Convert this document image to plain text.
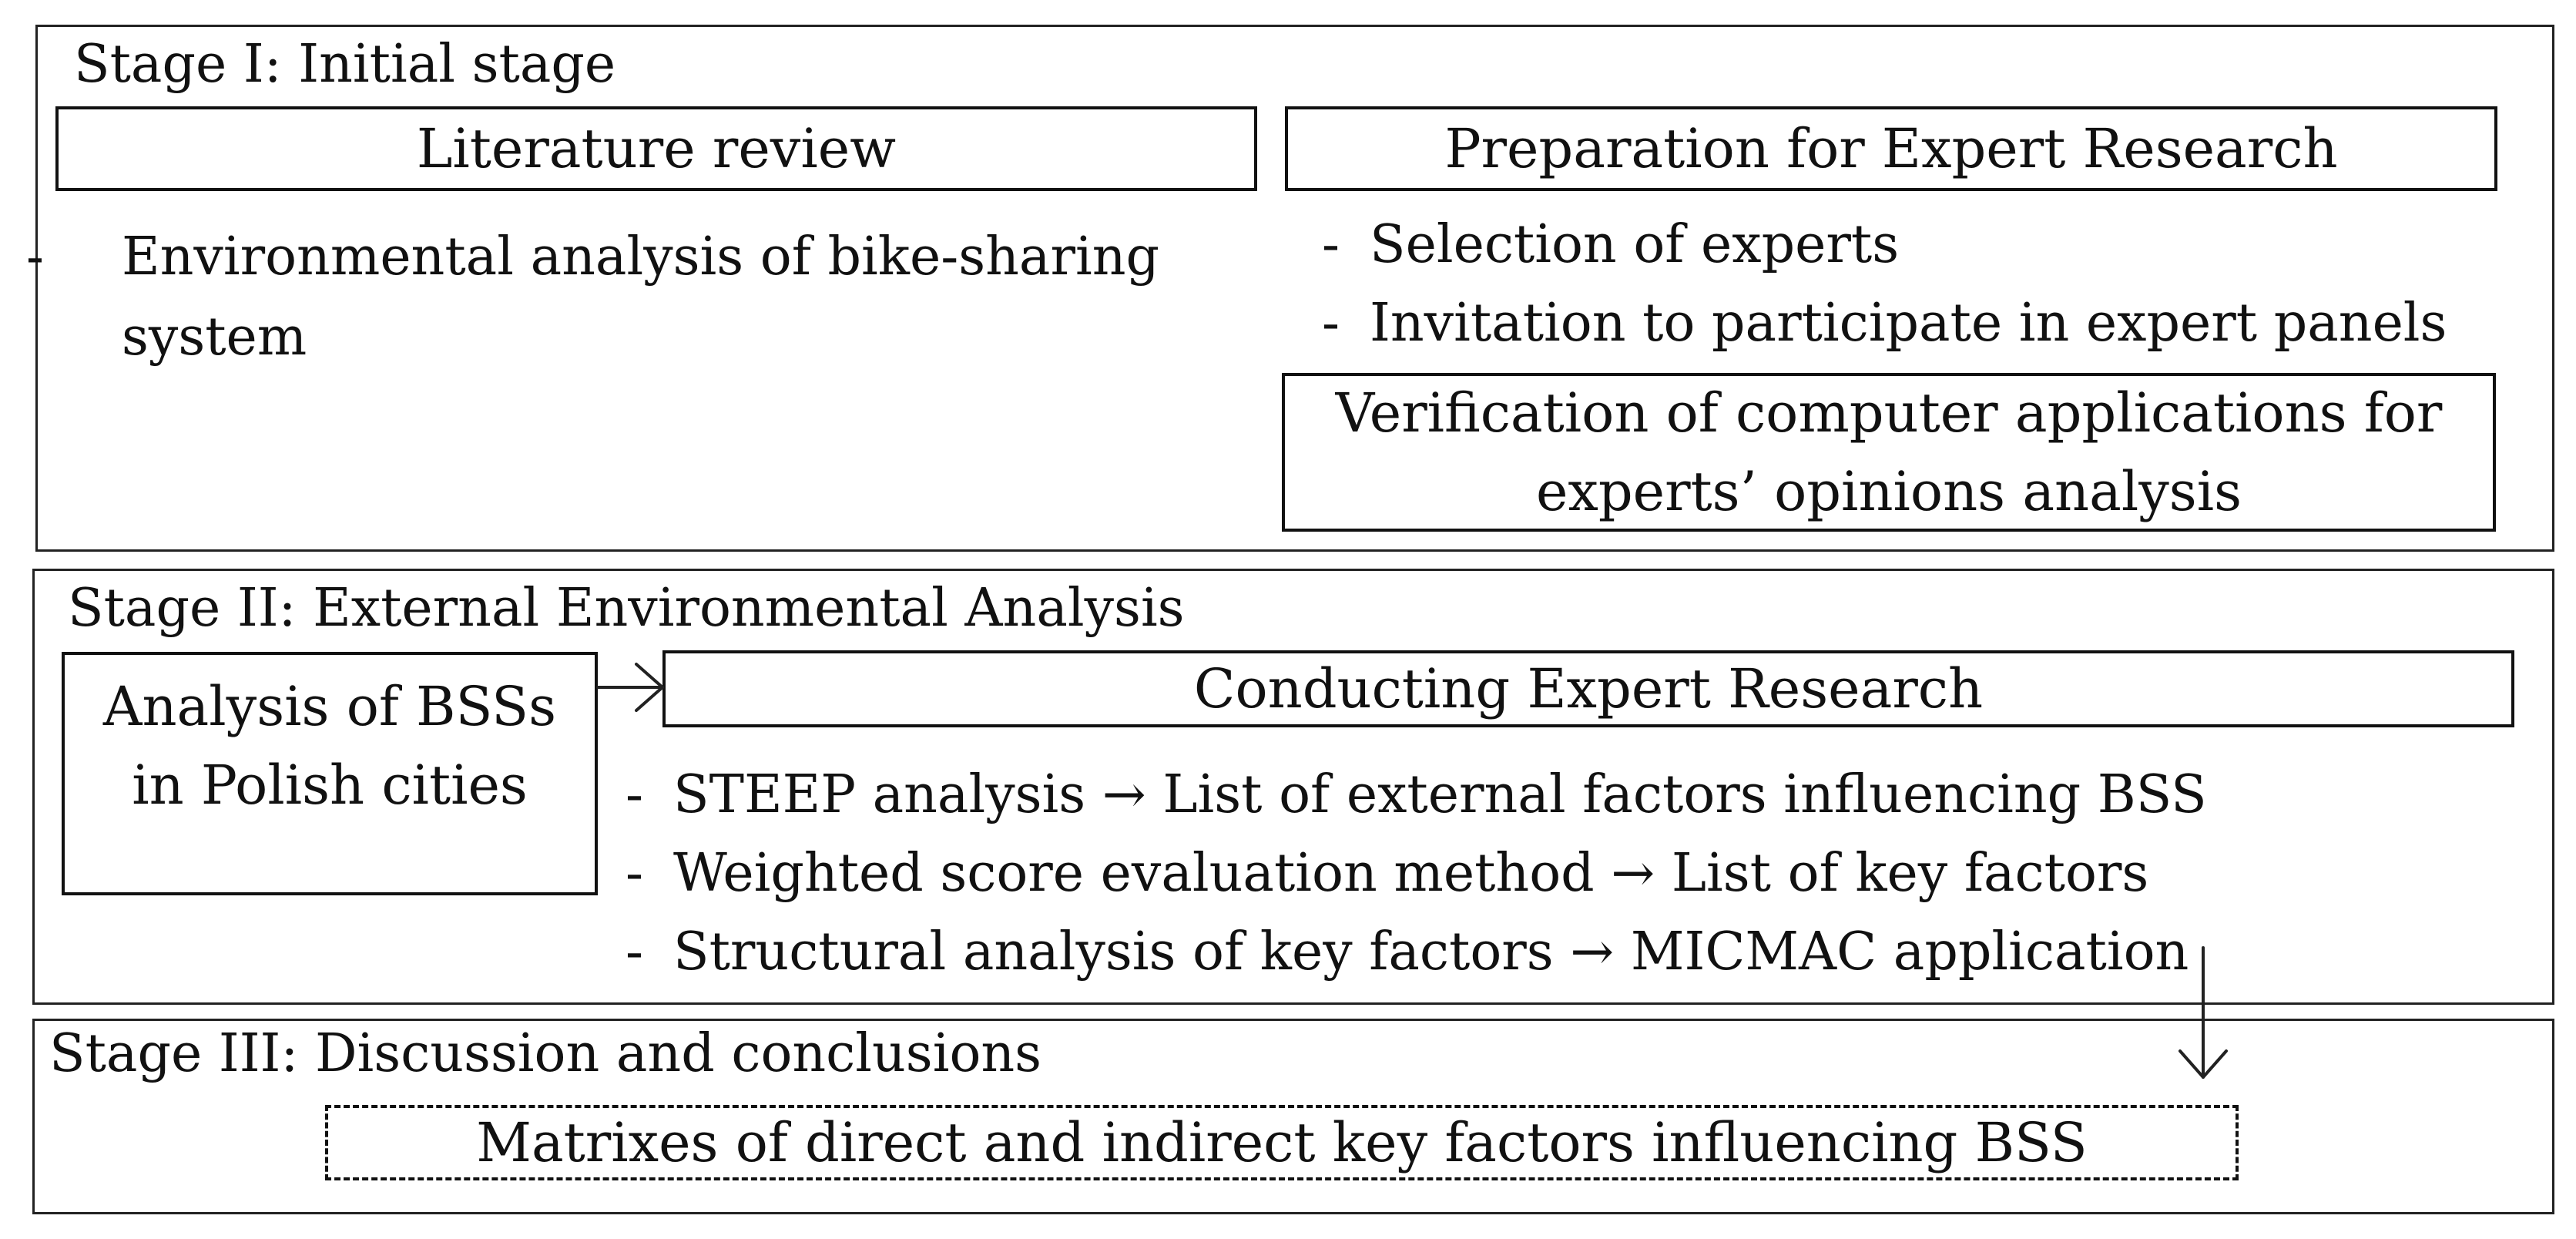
Stage I: Initial stage
Literature review
- Environmental analysis of bike-sharing system
Preparation for Expert Research
- Selection of experts
- Invitation to participate in expert panels
Verification of computer applications for experts’ opinions analysis
Stage II: External Environmental Analysis
Analysis of BSSs in Polish cities
Conducting Expert Research
- STEEP analysis → List of external factors influencing BSS
- Weighted score evaluation method → List of key factors
- Structural analysis of key factors → MICMAC application
Stage III: Discussion and conclusions
Matrixes of direct and indirect key factors influencing BSS
